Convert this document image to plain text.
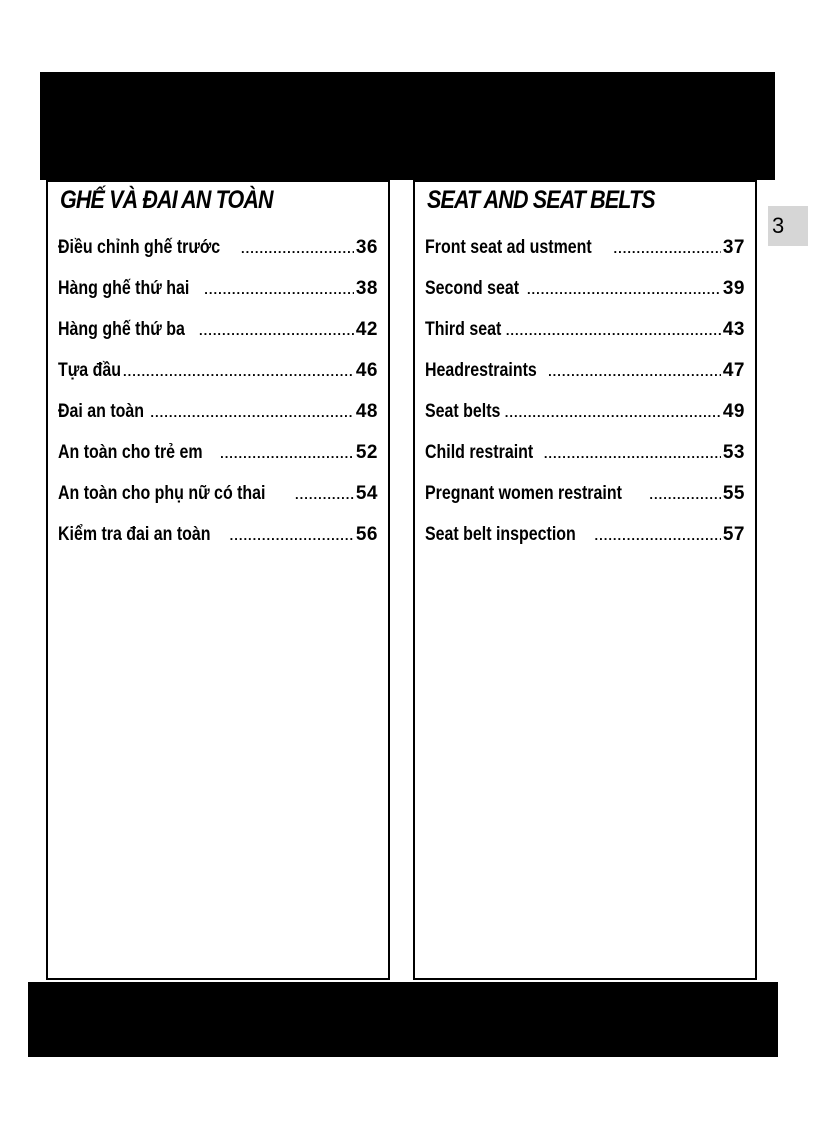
GHẾ VÀ ĐAI AN TOÀN
Điều chỉnh ghế trước .....	36
Hàng ghế thứ hai .....	38
Hàng ghế thứ ba .....	42
Tựa đầu .....	46
Đai an toàn .....	48
An toàn cho trẻ em .....	52
An toàn cho phụ nữ có thai .....	54
Kiểm tra đai an toàn .....	56
SEAT AND SEAT BELTS
Front seat ad ustment .....	37
Second seat .....	39
Third seat .....	43
Headrestraints .....	47
Seat belts .....	49
Child restraint .....	53
Pregnant women restraint .....	55
Seat belt inspection .....	57
3
